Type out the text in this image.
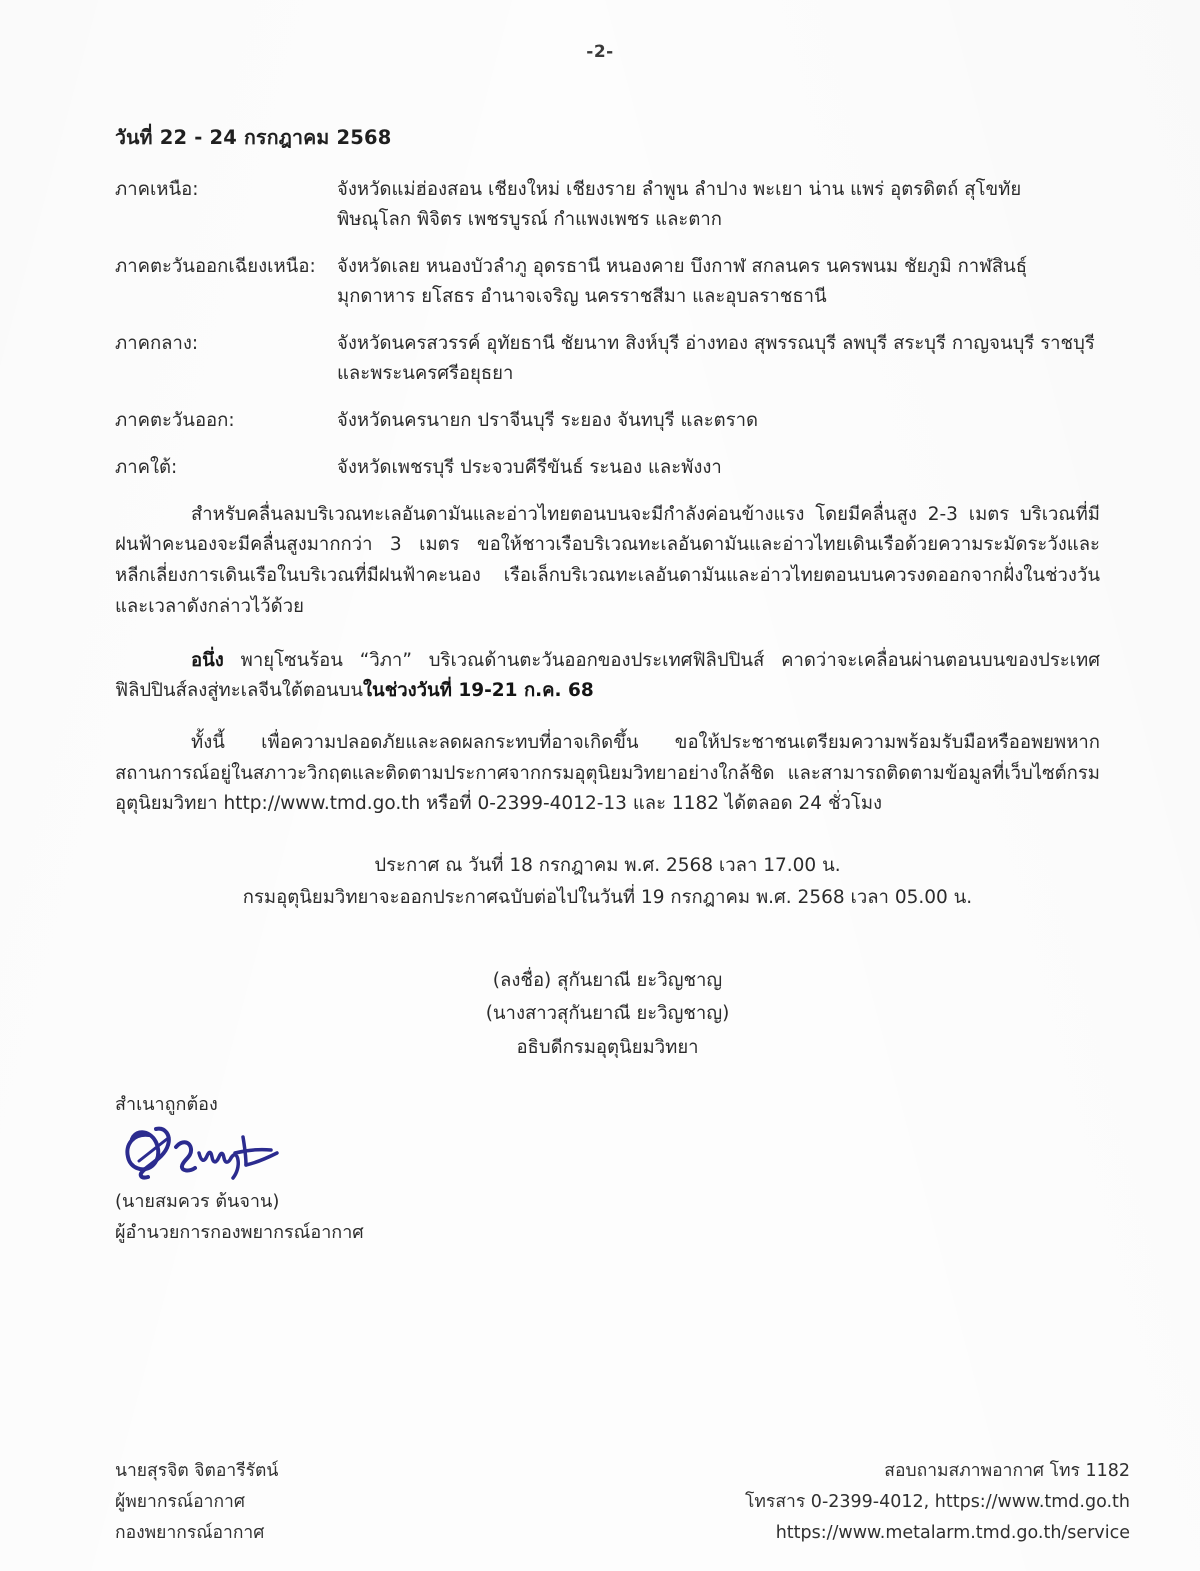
-2-
วันที่ 22 - 24 กรกฎาคม 2568
ภาคเหนือ:	จังหวัดแม่ฮ่องสอน เชียงใหม่ เชียงราย ลำพูน ลำปาง พะเยา น่าน แพร่ อุตรดิตถ์ สุโขทัย พิษณุโลก พิจิตร เพชรบูรณ์ กำแพงเพชร และตาก
ภาคตะวันออกเฉียงเหนือ:	จังหวัดเลย หนองบัวลำภู อุดรธานี หนองคาย บึงกาฬ สกลนคร นครพนม ชัยภูมิ กาฬสินธุ์ มุกดาหาร ยโสธร อำนาจเจริญ นครราชสีมา และอุบลราชธานี
ภาคกลาง:	จังหวัดนครสวรรค์ อุทัยธานี ชัยนาท สิงห์บุรี อ่างทอง สุพรรณบุรี ลพบุรี สระบุรี กาญจนบุรี ราชบุรี และพระนครศรีอยุธยา
ภาคตะวันออก:	จังหวัดนครนายก ปราจีนบุรี ระยอง จันทบุรี และตราด
ภาคใต้:	จังหวัดเพชรบุรี ประจวบคีรีขันธ์ ระนอง และพังงา

สำหรับคลื่นลมบริเวณทะเลอันดามันและอ่าวไทยตอนบนจะมีกำลังค่อนข้างแรง โดยมีคลื่นสูง 2-3 เมตร บริเวณที่มีฝนฟ้าคะนองจะมีคลื่นสูงมากกว่า 3 เมตร ขอให้ชาวเรือบริเวณทะเลอันดามันและอ่าวไทยเดินเรือด้วยความระมัดระวังและหลีกเลี่ยงการเดินเรือในบริเวณที่มีฝนฟ้าคะนอง เรือเล็กบริเวณทะเลอันดามันและอ่าวไทยตอนบนควรงดออกจากฝั่งในช่วงวันและเวลาดังกล่าวไว้ด้วย

อนึ่ง พายุโซนร้อน “วิภา” บริเวณด้านตะวันออกของประเทศฟิลิปปินส์ คาดว่าจะเคลื่อนผ่านตอนบนของประเทศฟิลิปปินส์ลงสู่ทะเลจีนใต้ตอนบนในช่วงวันที่ 19-21 ก.ค. 68

ทั้งนี้ เพื่อความปลอดภัยและลดผลกระทบที่อาจเกิดขึ้น ขอให้ประชาชนเตรียมความพร้อมรับมือหรืออพยพหากสถานการณ์อยู่ในสภาวะวิกฤตและติดตามประกาศจากกรมอุตุนิยมวิทยาอย่างใกล้ชิด และสามารถติดตามข้อมูลที่เว็บไซต์กรมอุตุนิยมวิทยา http://www.tmd.go.th หรือที่ 0-2399-4012-13 และ 1182 ได้ตลอด 24 ชั่วโมง

ประกาศ ณ วันที่ 18 กรกฎาคม พ.ศ. 2568 เวลา 17.00 น.
กรมอุตุนิยมวิทยาจะออกประกาศฉบับต่อไปในวันที่ 19 กรกฎาคม พ.ศ. 2568 เวลา 05.00 น.
(ลงชื่อ) สุกันยาณี ยะวิญชาญ
(นางสาวสุกันยาณี ยะวิญชาญ)
อธิบดีกรมอุตุนิยมวิทยา
สำเนาถูกต้อง
(นายสมควร ต้นจาน)
ผู้อำนวยการกองพยากรณ์อากาศ
นายสุรจิต จิตอารีรัตน์
ผู้พยากรณ์อากาศ
กองพยากรณ์อากาศ
สอบถามสภาพอากาศ โทร 1182
โทรสาร 0-2399-4012, https://www.tmd.go.th
https://www.metalarm.tmd.go.th/service
